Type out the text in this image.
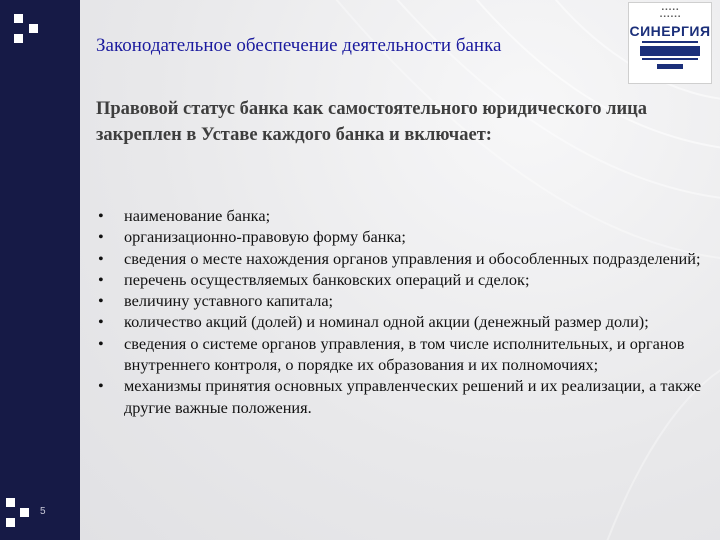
5
Законодательное обеспечение деятельности банка
▪ ▪ ▪ ▪ ▪
▪ ▪ ▪ ▪ ▪ ▪
СИНЕРГИЯ
Правовой статус банка как самостоятельного юридического лица закреплен в Уставе каждого банка и включает:
• наименование банка;
• организационно-правовую форму банка;
• сведения о месте нахождения органов управления и обособленных подразделений;
• перечень осуществляемых банковских операций и сделок;
• величину уставного капитала;
• количество акций (долей) и номинал одной акции (денежный размер доли);
• сведения о системе органов управления, в том числе исполнительных, и органов внутреннего контроля, о порядке их образования и их полномочиях;
• механизмы принятия основных управленческих решений и их реализации, а также другие важные положения.
